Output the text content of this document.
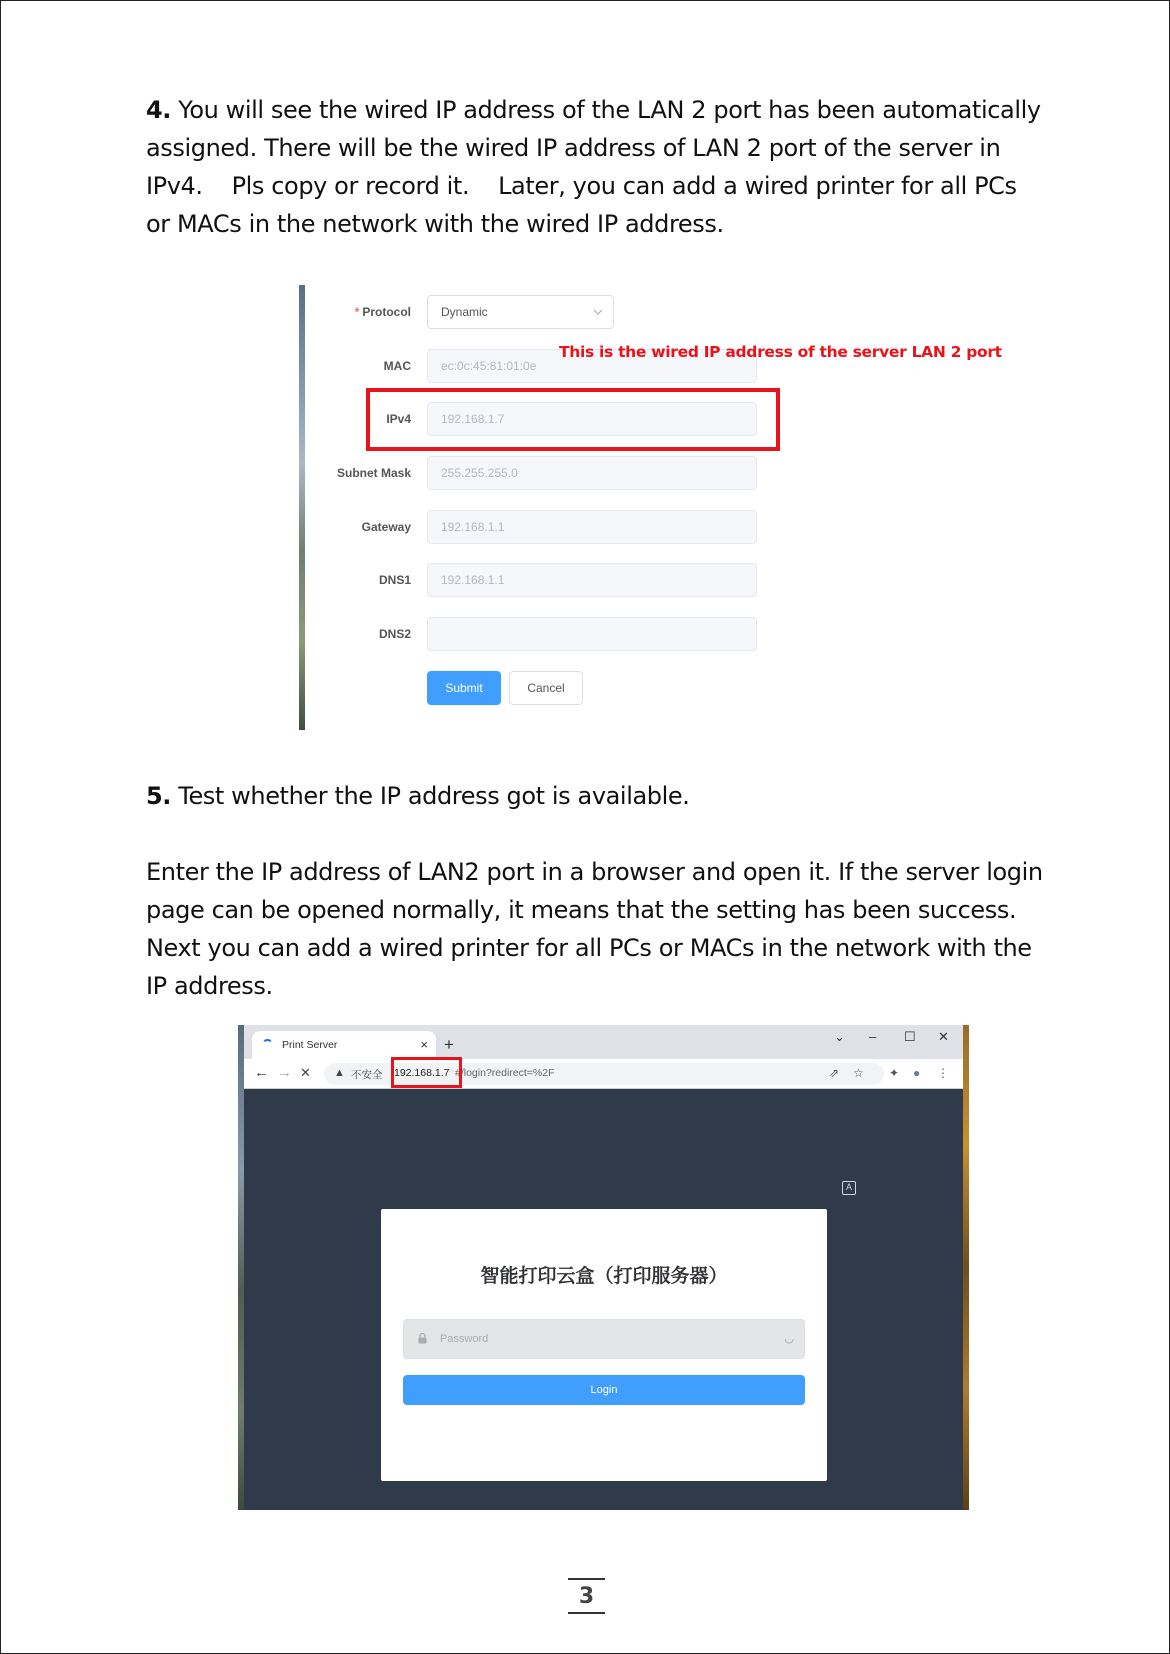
4. You will see the wired IP address of the LAN 2 port has been automatically assigned. There will be the wired IP address of LAN 2 port of the server in IPv4.    Pls copy or record it.    Later, you can add a wired printer for all PCs or MACs in the network with the wired IP address.

* Protocol	Dynamic
MAC	ec:0c:45:81:01:0e
IPv4	192.168.1.7
Subnet Mask	255.255.255.0
Gateway	192.168.1.1
DNS1	192.168.1.1
DNS2
Submit	Cancel
This is the wired IP address of the server LAN 2 port

5. Test whether the IP address got is available.

Enter the IP address of LAN2 port in a browser and open it. If the server login page can be opened normally, it means that the setting has been success. Next you can add a wired printer for all PCs or MACs in the network with the IP address.

Print Server	× +	⌄ – ☐ ✕
← → ✕ ▲ 不安全 192.168.1.7 #/login?redirect=%2F	⇗ ☆ ✦ ● ⋮
A
智能打印云盒（打印服务器）
Password	◡
Login
3
